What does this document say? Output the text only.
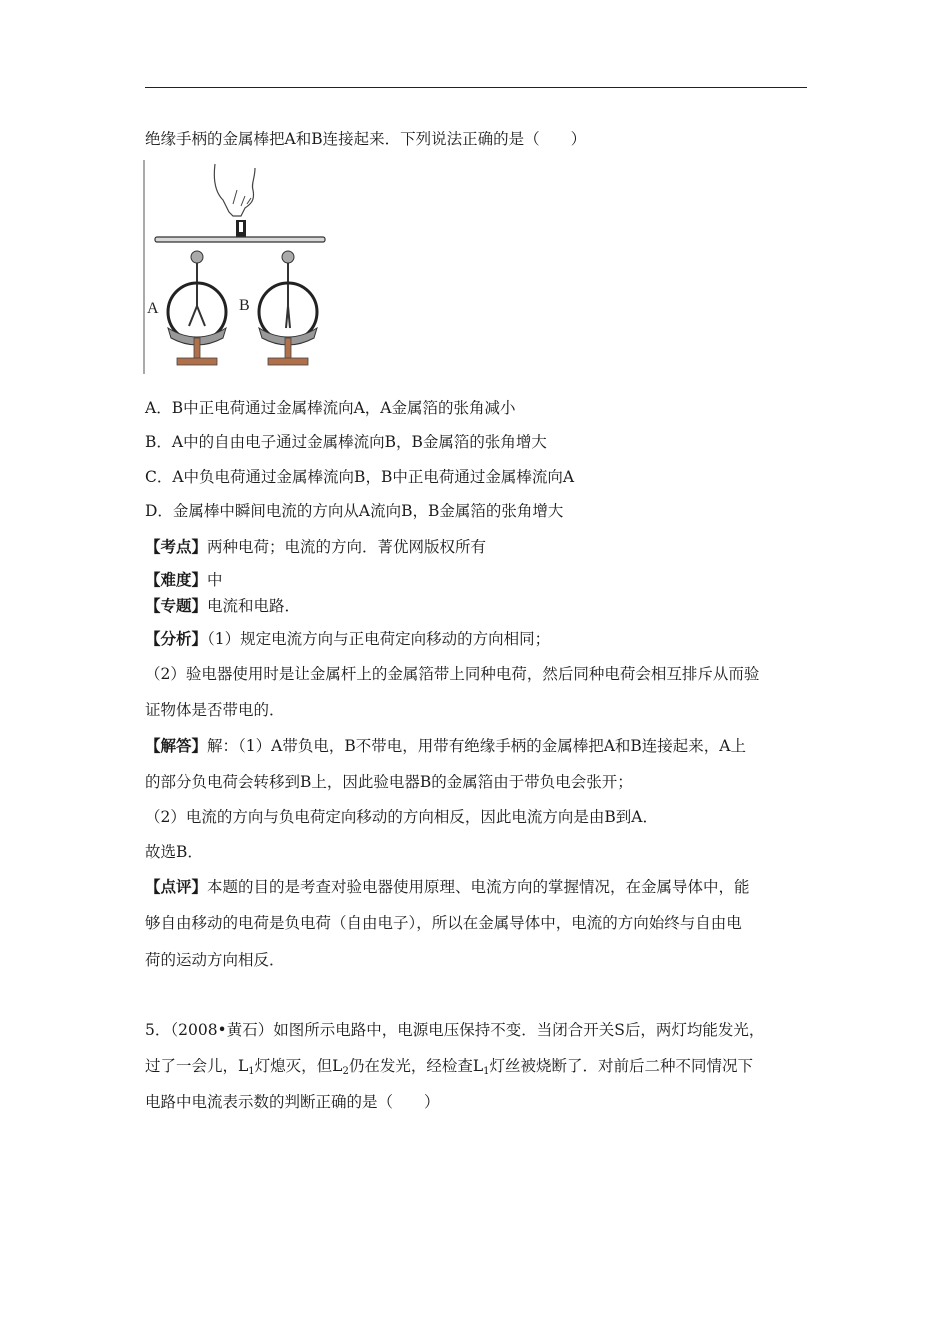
绝缘手柄的金属棒把A和B连接起来．下列说法正确的是（　　）
A	B
A．B中正电荷通过金属棒流向A，A金属箔的张角减小
B．A中的自由电子通过金属棒流向B，B金属箔的张角增大
C．A中负电荷通过金属棒流向B，B中正电荷通过金属棒流向A
D．金属棒中瞬间电流的方向从A流向B，B金属箔的张角增大
【考点】两种电荷；电流的方向．菁优网版权所有
【难度】中
【专题】电流和电路．
【分析】（1）规定电流方向与正电荷定向移动的方向相同；
（2）验电器使用时是让金属杆上的金属箔带上同种电荷，然后同种电荷会相互排斥从而验
证物体是否带电的．
【解答】解：（1）A带负电，B不带电，用带有绝缘手柄的金属棒把A和B连接起来，A上
的部分负电荷会转移到B上，因此验电器B的金属箔由于带负电会张开；
（2）电流的方向与负电荷定向移动的方向相反，因此电流方向是由B到A．
故选B．
【点评】本题的目的是考查对验电器使用原理、电流方向的掌握情况，在金属导体中，能
够自由移动的电荷是负电荷（自由电子），所以在金属导体中，电流的方向始终与自由电
荷的运动方向相反．
5．（2008•黄石）如图所示电路中，电源电压保持不变．当闭合开关S后，两灯均能发光，
过了一会儿，$L_1$灯熄灭，但$L_2$仍在发光，经检查$L_1$灯丝被烧断了．对前后二种不同情况下
电路中电流表示数的判断正确的是（　　）
